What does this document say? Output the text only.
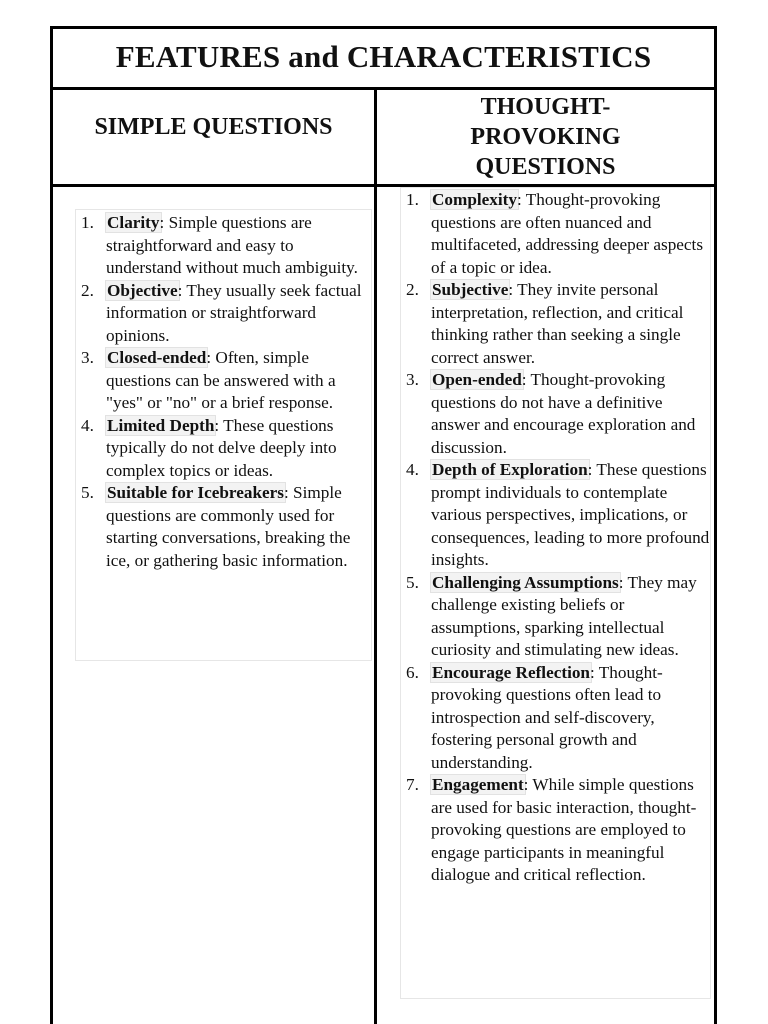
FEATURES and CHARACTERISTICS
SIMPLE QUESTIONS
THOUGHT-PROVOKING QUESTIONS
1. Clarity: Simple questions are straightforward and easy to understand without much ambiguity.
2. Objective: They usually seek factual information or straightforward opinions.
3. Closed-ended: Often, simple questions can be answered with a "yes" or "no" or a brief response.
4. Limited Depth: These questions typically do not delve deeply into complex topics or ideas.
5. Suitable for Icebreakers: Simple questions are commonly used for starting conversations, breaking the ice, or gathering basic information.
1. Complexity: Thought-provoking questions are often nuanced and multifaceted, addressing deeper aspects of a topic or idea.
2. Subjective: They invite personal interpretation, reflection, and critical thinking rather than seeking a single correct answer.
3. Open-ended: Thought-provoking questions do not have a definitive answer and encourage exploration and discussion.
4. Depth of Exploration: These questions prompt individuals to contemplate various perspectives, implications, or consequences, leading to more profound insights.
5. Challenging Assumptions: They may challenge existing beliefs or assumptions, sparking intellectual curiosity and stimulating new ideas.
6. Encourage Reflection: Thought-provoking questions often lead to introspection and self-discovery, fostering personal growth and understanding.
7. Engagement: While simple questions are used for basic interaction, thought-provoking questions are employed to engage participants in meaningful dialogue and critical reflection.
